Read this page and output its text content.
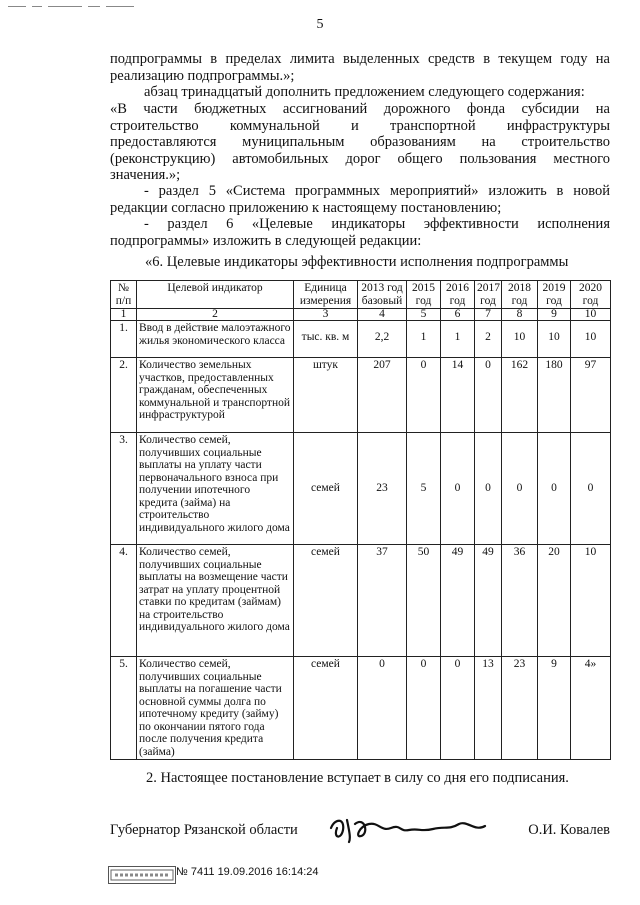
5

подпрограммы в пределах лимита выделенных средств в текущем году на

реализацию подпрограммы.»;

абзац тринадцатый дополнить предложением следующего содержания:

«В части бюджетных ассигнований дорожного фонда субсидии на

строительство коммунальной и транспортной инфраструктуры

предоставляются муниципальным образованиям на строительство

(реконструкцию) автомобильных дорог общего пользования местного

значения.»;

- раздел 5 «Система программных мероприятий» изложить в новой

редакции согласно приложению к настоящему постановлению;

- раздел 6 «Целевые индикаторы эффективности исполнения

подпрограммы» изложить в следующей редакции:

«6. Целевые индикаторы эффективности исполнения подпрограммы
№ п/п	Целевой индикатор	Единица измерения	2013 год базовый	2015 год	2016 год	2017 год	2018 год	2019 год	2020 год
1	2	3	4	5	6	7	8	9	10
1.	Ввод в действие малоэтажного жилья экономического класса	тыс. кв. м	2,2	1	1	2	10	10	10
2.	Количество земельных участков, предоставленных гражданам, обеспеченных коммунальной и транспортной инфраструктурой	штук	207	0	14	0	162	180	97
3.	Количество семей, получивших социальные выплаты на уплату части первоначального взноса при получении ипотечного кредита (займа) на строительство индивидуального жилого дома	семей	23	5	0	0	0	0	0
4.	Количество семей, получивших социальные выплаты на возмещение части затрат на уплату процентной ставки по кредитам (займам) на строительство индивидуального жилого дома	семей	37	50	49	49	36	20	10
5.	Количество семей, получивших социальные выплаты на погашение части основной суммы долга по ипотечному кредиту (займу) по окончании пятого года после получения кредита (займа)	семей	0	0	0	13	23	9	4»
2. Настоящее постановление вступает в силу со дня его подписания.
Губернатор Рязанской области	О.И. Ковалев
№ 7411 19.09.2016 16:14:24
